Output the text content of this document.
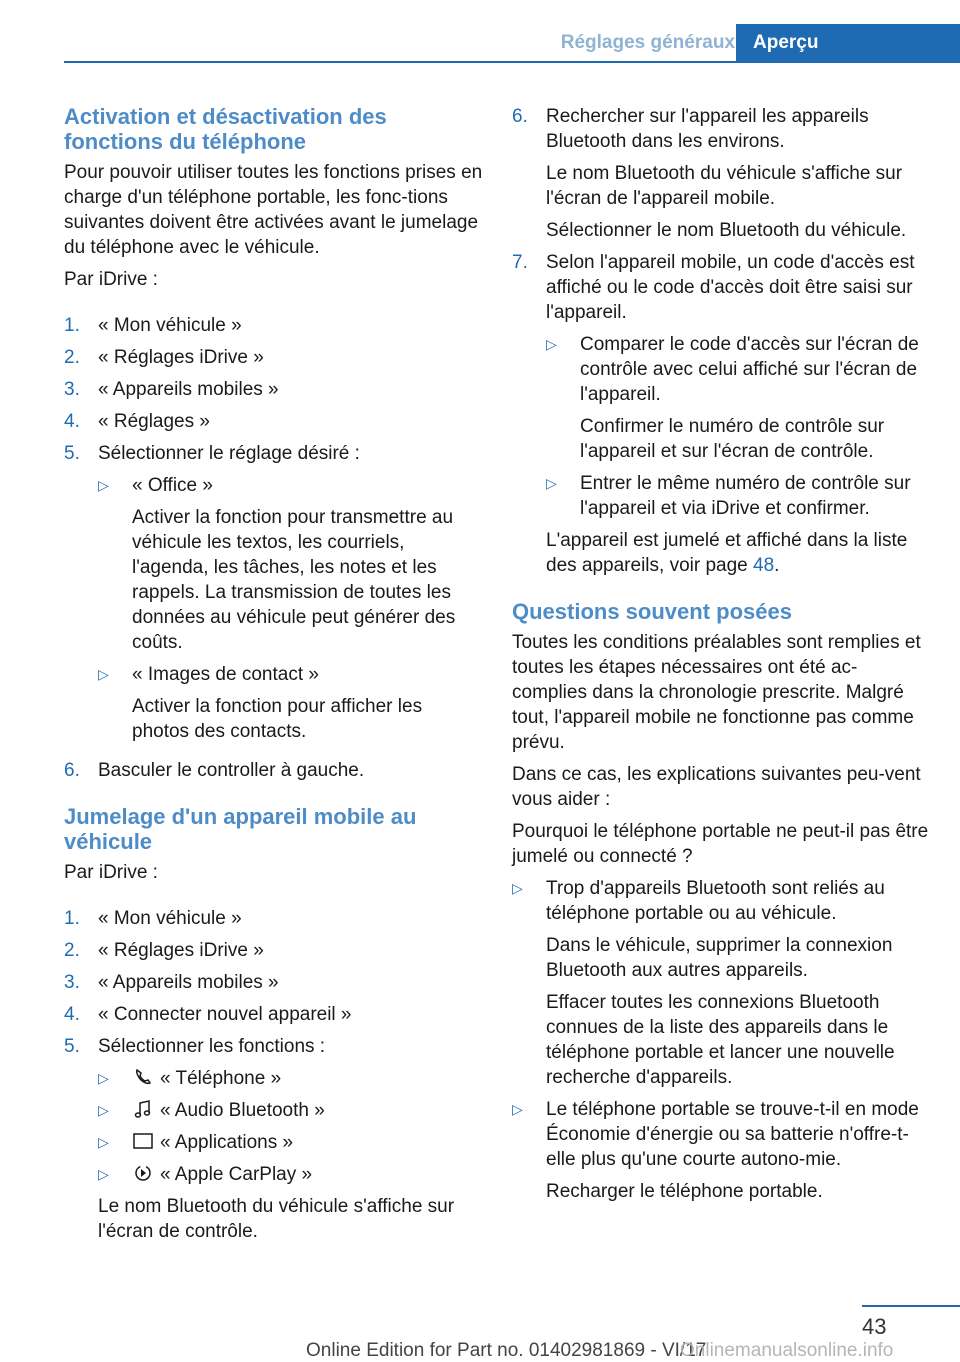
Réglages généraux Aperçu
Activation et désactivation des fonctions du téléphone

Pour pouvoir utiliser toutes les fonctions prises en charge d'un téléphone portable, les fonc‐tions suivantes doivent être activées avant le jumelage du téléphone avec le véhicule.

Par iDrive :

1. « Mon véhicule »
2. « Réglages iDrive »
3. « Appareils mobiles »
4. « Réglages »
5. Sélectionner le réglage désiré :

▷	« Office »

Activer la fonction pour transmettre au véhicule les textos, les courriels, l'agenda, les tâches, les notes et les rappels. La transmission de toutes les données au véhicule peut générer des coûts.

▷	« Images de contact »

Activer la fonction pour afficher les photos des contacts.

6. Basculer le controller à gauche.
Jumelage d'un appareil mobile au véhicule

Par iDrive :

1. « Mon véhicule »
2. « Réglages iDrive »
3. « Appareils mobiles »
4. « Connecter nouvel appareil »
5. Sélectionner les fonctions :

▷	« Téléphone »
▷	« Audio Bluetooth »
▷	« Applications »
▷	« Apple CarPlay »

Le nom Bluetooth du véhicule s'affiche sur l'écran de contrôle.

6. Rechercher sur l'appareil les appareils Bluetooth dans les environs.

Le nom Bluetooth du véhicule s'affiche sur l'écran de l'appareil mobile.

Sélectionner le nom Bluetooth du véhicule.

7. Selon l'appareil mobile, un code d'accès est affiché ou le code d'accès doit être saisi sur l'appareil.

▷	Comparer le code d'accès sur l'écran de contrôle avec celui affiché sur l'écran de l'appareil.

Confirmer le numéro de contrôle sur l'appareil et sur l'écran de contrôle.

▷	Entrer le même numéro de contrôle sur l'appareil et via iDrive et confirmer.

L'appareil est jumelé et affiché dans la liste des appareils, voir page 48.

Questions souvent posées

Toutes les conditions préalables sont remplies et toutes les étapes nécessaires ont été ac‐complies dans la chronologie prescrite. Malgré tout, l'appareil mobile ne fonctionne pas comme prévu.

Dans ce cas, les explications suivantes peu‐vent vous aider :

Pourquoi le téléphone portable ne peut-il pas être jumelé ou connecté ?

▷	Trop d'appareils Bluetooth sont reliés au téléphone portable ou au véhicule.

Dans le véhicule, supprimer la connexion Bluetooth aux autres appareils.

Effacer toutes les connexions Bluetooth connues de la liste des appareils dans le téléphone portable et lancer une nouvelle recherche d'appareils.

▷	Le téléphone portable se trouve-t-il en mode Économie d'énergie ou sa batterie n'offre-t-elle plus qu'une courte autono‐mie.

Recharger le téléphone portable.

43
Online Edition for Part no. 01402981869 - VI/17
Onlinemanualsonline.info
